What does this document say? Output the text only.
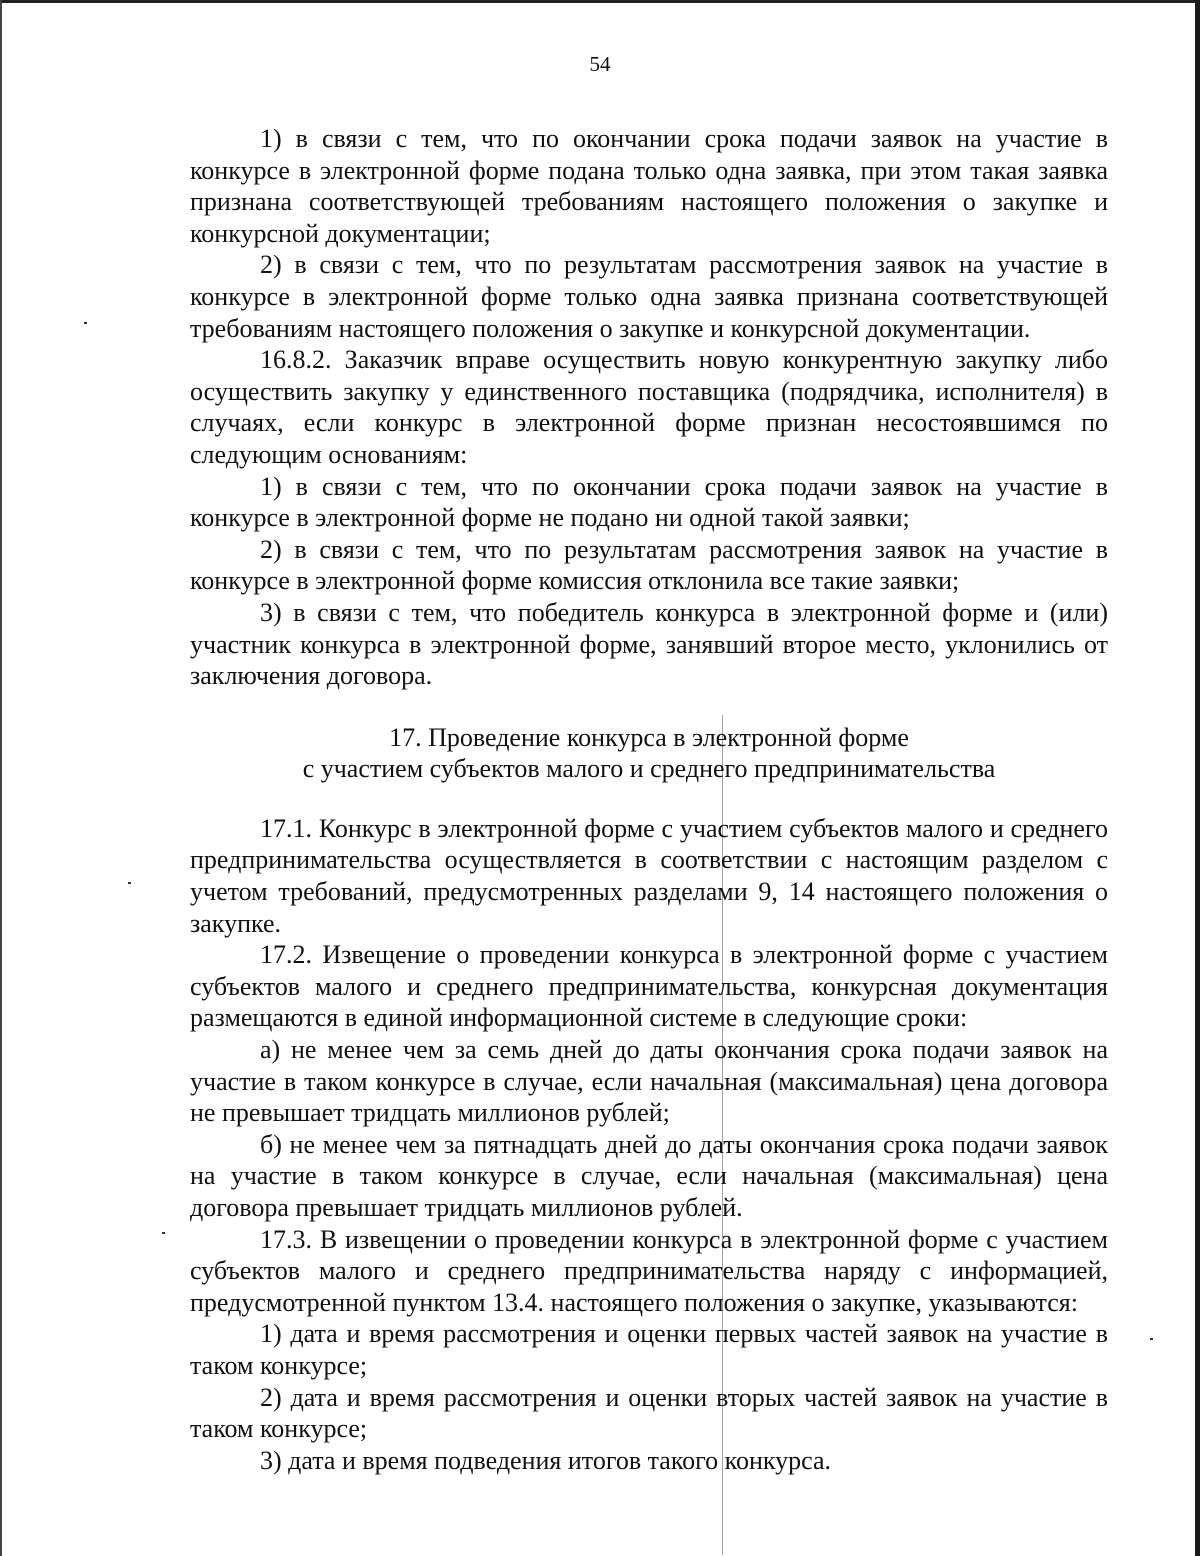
54

1) в связи с тем, что по окончании срока подачи заявок на участие в конкурсе в электронной форме подана только одна заявка, при этом такая заявка признана соответствующей требованиям настоящего положения о закупке и конкурсной документации;

2) в связи с тем, что по результатам рассмотрения заявок на участие в конкурсе в электронной форме только одна заявка признана соответствующей требованиям настоящего положения о закупке и конкурсной документации.

16.8.2. Заказчик вправе осуществить новую конкурентную закупку либо осуществить закупку у единственного поставщика (подрядчика, исполнителя) в случаях, если конкурс в электронной форме признан несостоявшимся по следующим основаниям:

1) в связи с тем, что по окончании срока подачи заявок на участие в конкурсе в электронной форме не подано ни одной такой заявки;

2) в связи с тем, что по результатам рассмотрения заявок на участие в конкурсе в электронной форме комиссия отклонила все такие заявки;

3) в связи с тем, что победитель конкурса в электронной форме и (или) участник конкурса в электронной форме, занявший второе место, уклонились от заключения договора.

17. Проведение конкурса в электронной форме

с участием субъектов малого и среднего предпринимательства

17.1. Конкурс в электронной форме с участием субъектов малого и среднего предпринимательства осуществляется в соответствии с настоящим разделом с учетом требований, предусмотренных разделами 9, 14 настоящего положения о закупке.

17.2. Извещение о проведении конкурса в электронной форме с участием субъектов малого и среднего предпринимательства, конкурсная документация размещаются в единой информационной системе в следующие сроки:

а) не менее чем за семь дней до даты окончания срока подачи заявок на участие в таком конкурсе в случае, если начальная (максимальная) цена договора не превышает тридцать миллионов рублей;

б) не менее чем за пятнадцать дней до даты окончания срока подачи заявок на участие в таком конкурсе в случае, если начальная (максимальная) цена договора превышает тридцать миллионов рублей.

17.3. В извещении о проведении конкурса в электронной форме с участием субъектов малого и среднего предпринимательства наряду с информацией, предусмотренной пунктом 13.4. настоящего положения о закупке, указываются:

1) дата и время рассмотрения и оценки первых частей заявок на участие в таком конкурсе;

2) дата и время рассмотрения и оценки вторых частей заявок на участие в таком конкурсе;

3) дата и время подведения итогов такого конкурса.
